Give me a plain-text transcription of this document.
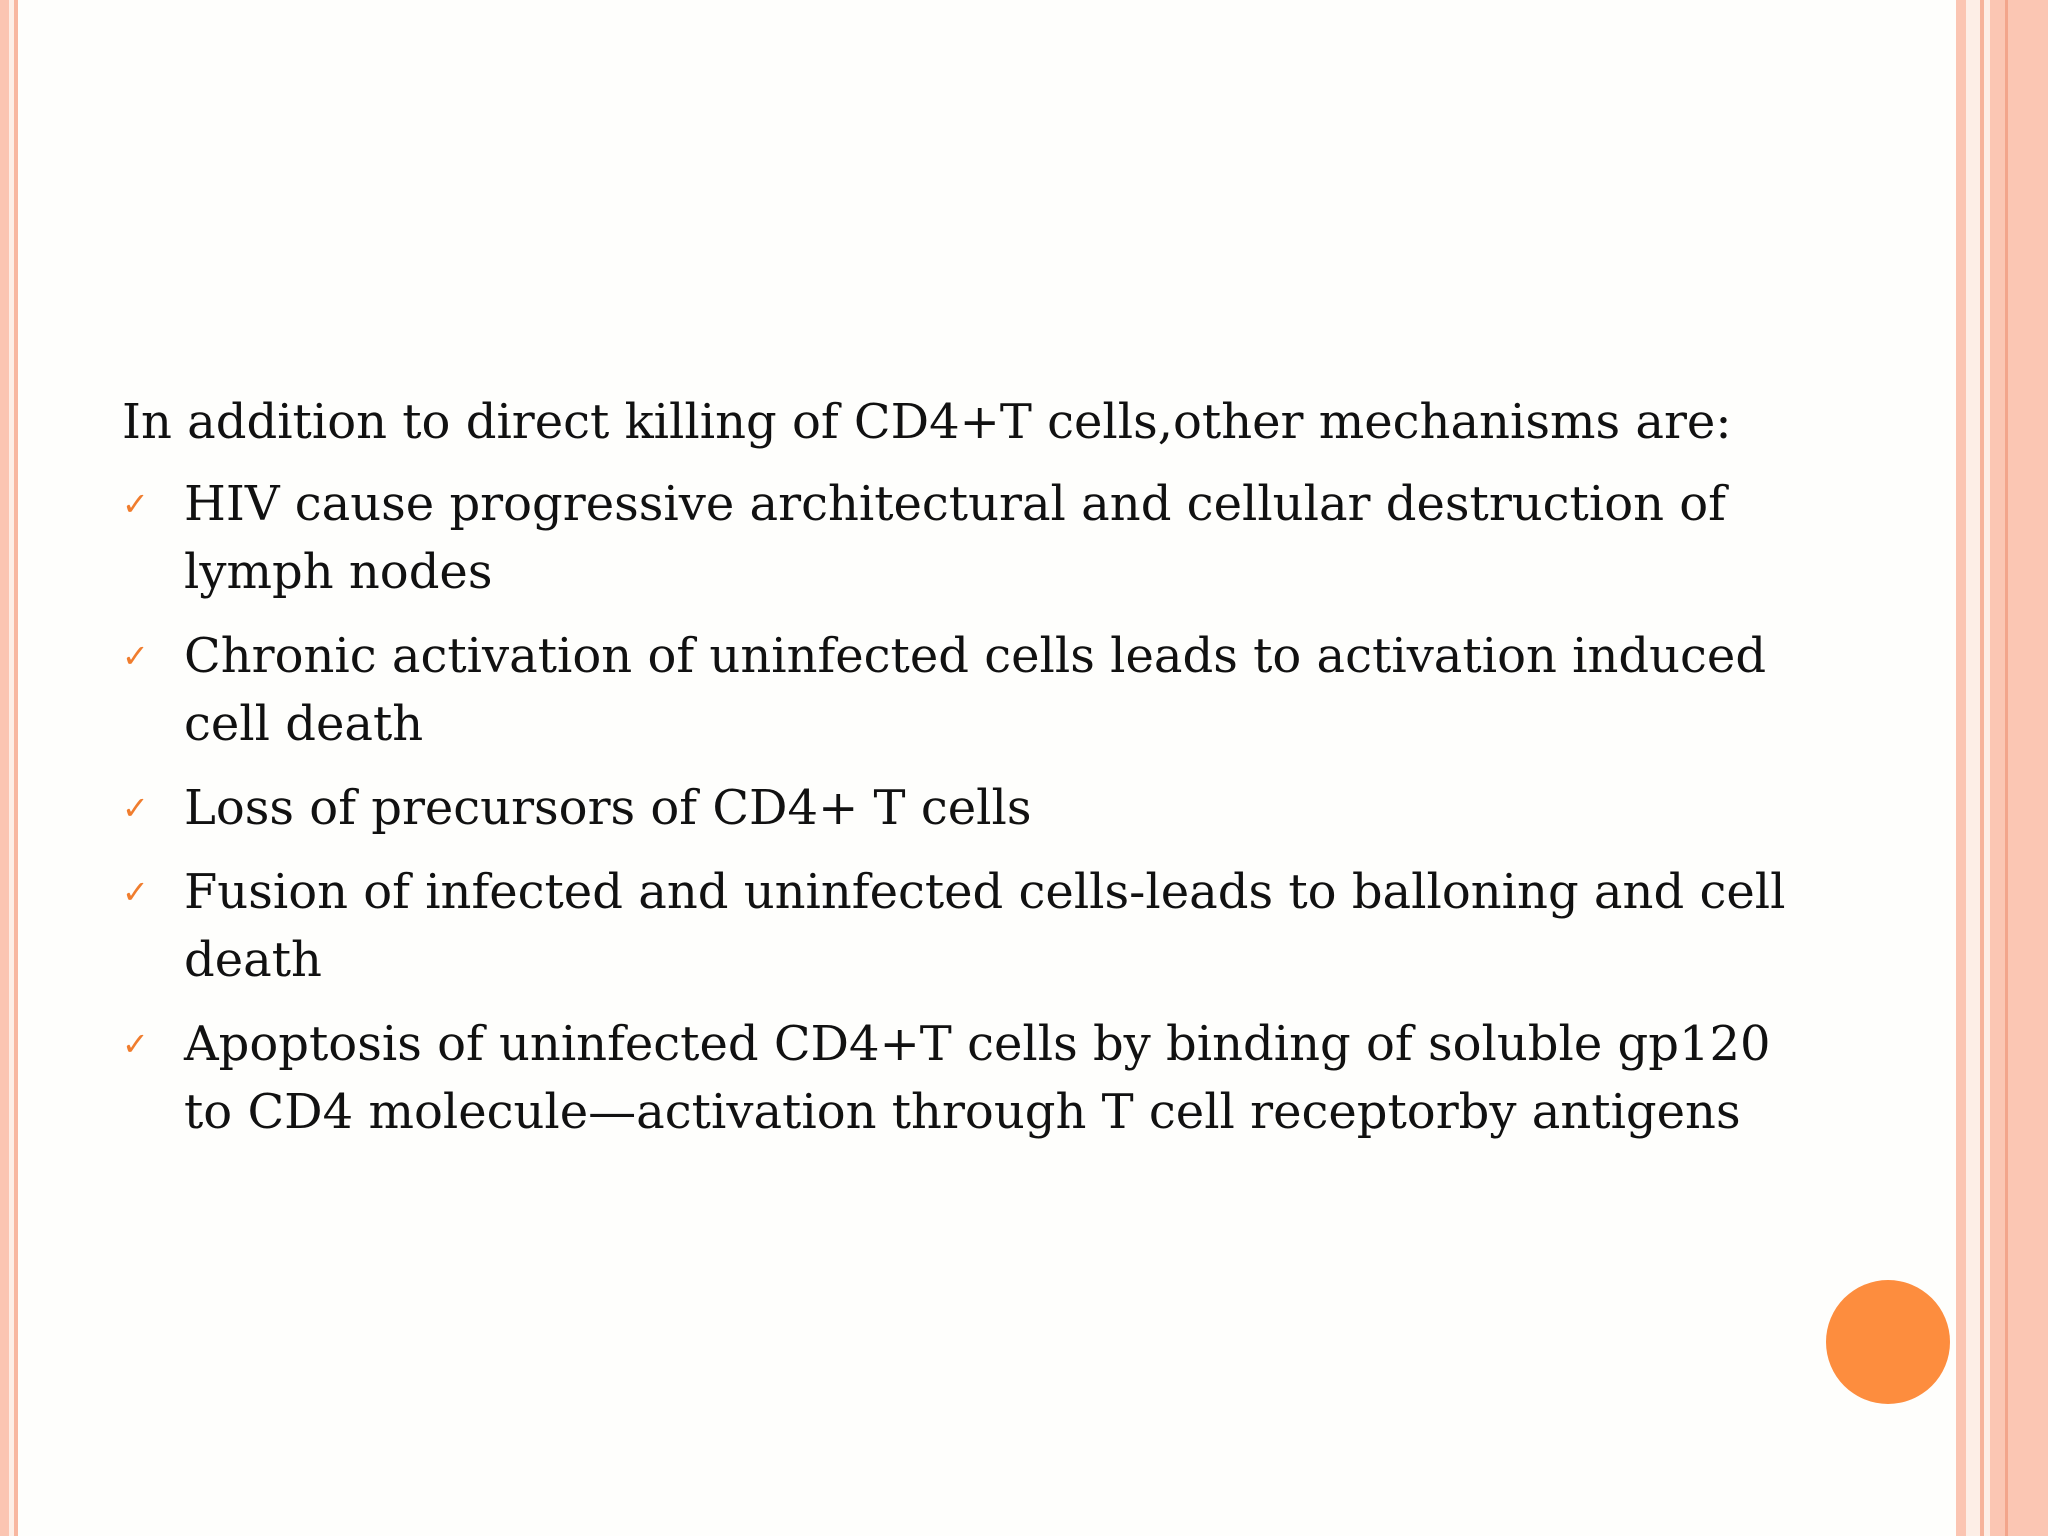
In addition to direct killing of CD4+T cells,other mechanisms are:

✓ HIV cause progressive architectural and cellular destruction of lymph nodes
✓ Chronic activation of uninfected cells leads to activation induced cell death
✓ Loss of precursors of CD4+ T cells
✓ Fusion of infected and uninfected cells-leads to balloning and cell death
✓ Apoptosis of uninfected CD4+T cells by binding of soluble gp120 to CD4 molecule—activation through T cell receptorby antigens
